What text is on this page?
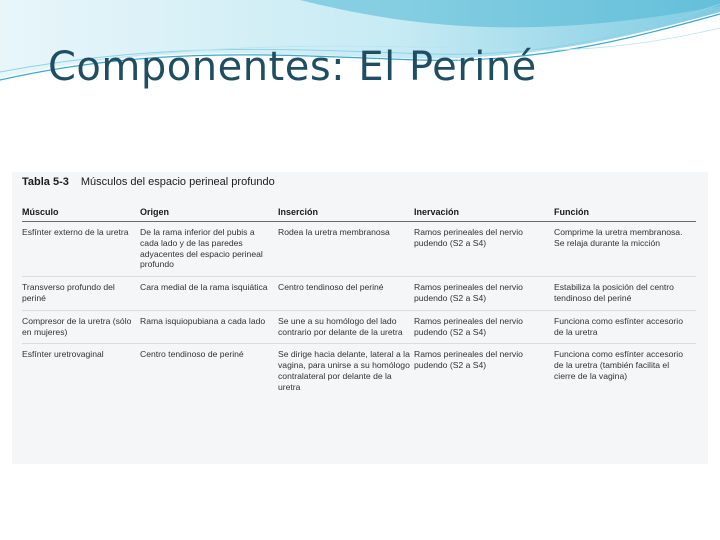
Componentes: El Periné
Tabla 5-3 Músculos del espacio perineal profundo
Músculo	Origen	Inserción	Inervación	Función
Esfínter externo de la uretra	De la rama inferior del pubis a cada lado y de las paredes adyacentes del espacio perineal profundo	Rodea la uretra membranosa	Ramos perineales del nervio pudendo (S2 a S4)	Comprime la uretra membranosa. Se relaja durante la micción
Transverso profundo del periné	Cara medial de la rama isquiática	Centro tendinoso del periné	Ramos perineales del nervio pudendo (S2 a S4)	Estabiliza la posición del centro tendinoso del periné
Compresor de la uretra (sólo en mujeres)	Rama isquiopubiana a cada lado	Se une a su homólogo del lado contrario por delante de la uretra	Ramos perineales del nervio pudendo (S2 a S4)	Funciona como esfínter accesorio de la uretra
Esfínter uretrovaginal	Centro tendinoso de periné	Se dirige hacia delante, lateral a la vagina, para unirse a su homólogo contralateral por delante de la uretra	Ramos perineales del nervio pudendo (S2 a S4)	Funciona como esfínter accesorio de la uretra (también facilita el cierre de la vagina)
